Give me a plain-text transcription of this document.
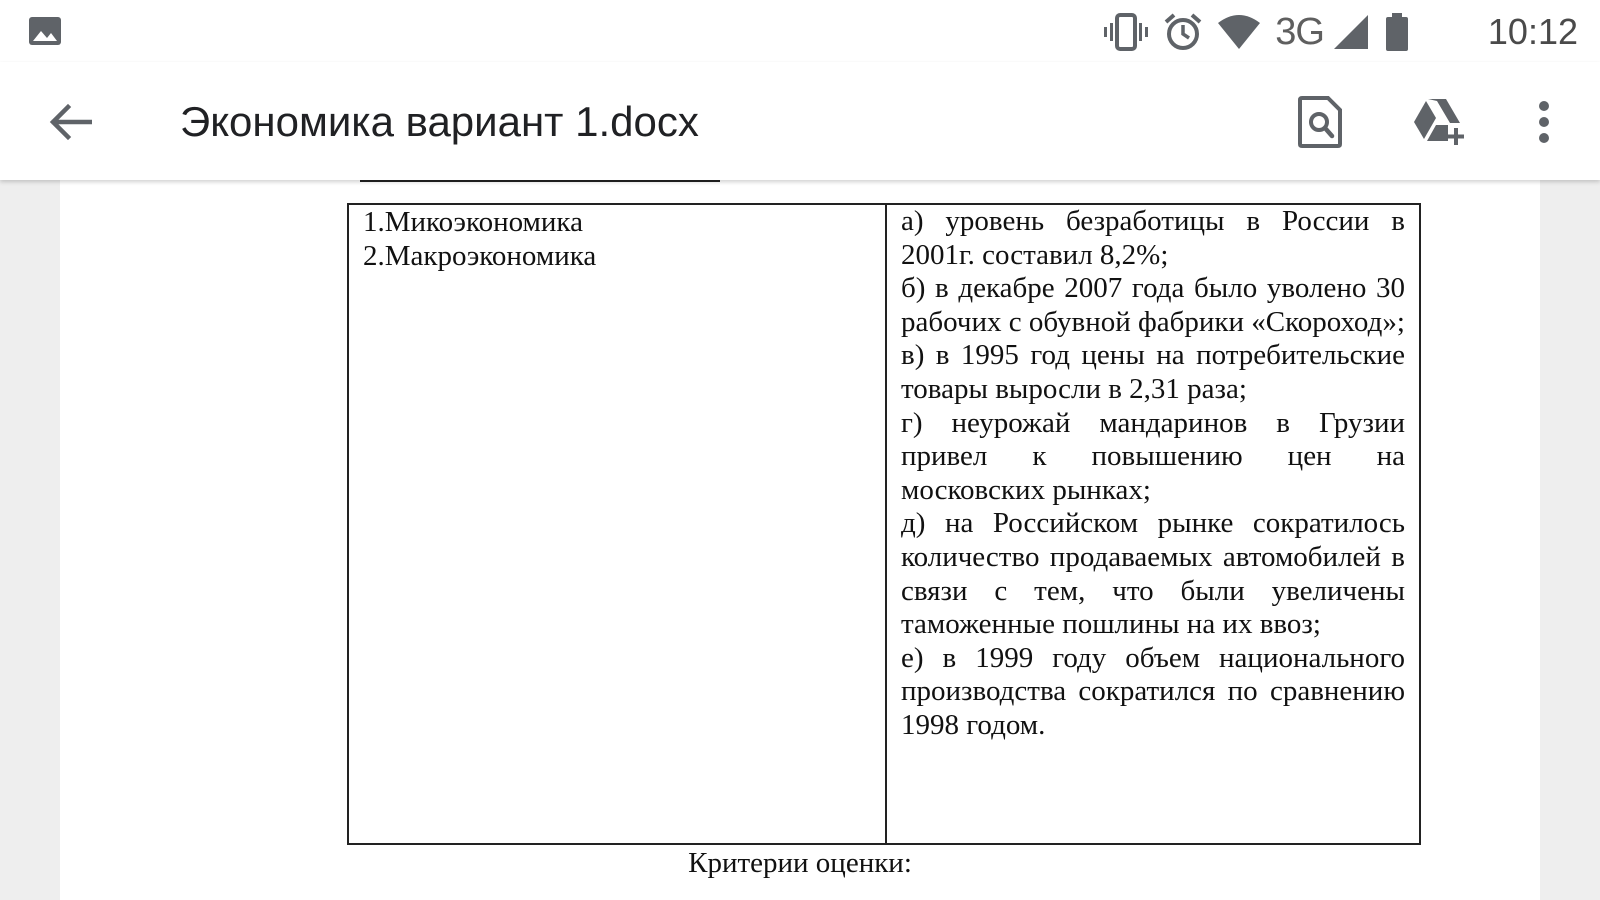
3G	10:12
Экономика вариант 1.docx
1.Микоэкономика
2.Макроэкономика
а) уровень безработицы в России в 2001г. составил 8,2%;
б) в декабре 2007 года было уволено 30 рабочих с обувной фабрики «Скороход»;
в) в 1995 год цены на потребительские товары выросли в 2,31 раза;
г) неурожай мандаринов в Грузии привел к повышению цен на московских рынках;
д) на Российском рынке сократилось количество продаваемых автомобилей в связи с тем, что были увеличены таможенные пошлины на их ввоз;
е) в 1999 году объем национального производства сократился по сравнению 1998 годом.
Критерии оценки:
